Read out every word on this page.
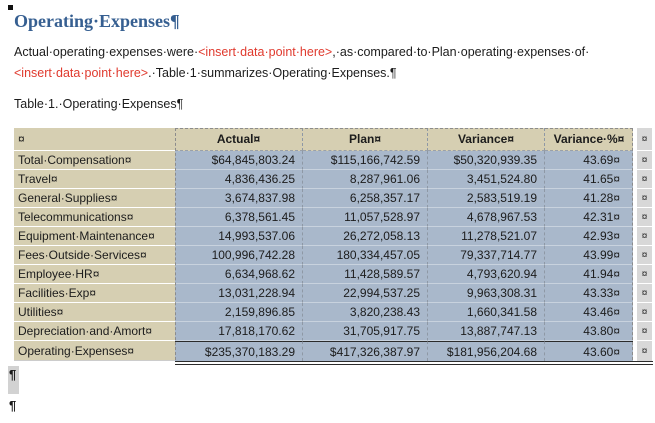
Operating·Expenses¶
Actual·operating·expenses·were·<insert·data·point·here>,·as·compared·to·Plan·operating·expenses·of·
<insert·data·point·here>.·Table·1·summarizes·Operating·Expenses.¶
Table·1.·Operating·Expenses¶
¤	Actual¤	Plan¤	Variance¤	Variance·%¤
Total·Compensation¤	$64,845,803.24	$115,166,742.59	$50,320,939.35	43.69¤
Travel¤	4,836,436.25	8,287,961.06	3,451,524.80	41.65¤
General·Supplies¤	3,674,837.98	6,258,357.17	2,583,519.19	41.28¤
Telecommunications¤	6,378,561.45	11,057,528.97	4,678,967.53	42.31¤
Equipment·Maintenance¤	14,993,537.06	26,272,058.13	11,278,521.07	42.93¤
Fees·Outside·Services¤	100,996,742.28	180,334,457.05	79,337,714.77	43.99¤
Employee·HR¤	6,634,968.62	11,428,589.57	4,793,620.94	41.94¤
Facilities·Exp¤	13,031,228.94	22,994,537.25	9,963,308.31	43.33¤
Utilities¤	2,159,896.85	3,820,238.43	1,660,341.58	43.46¤
Depreciation·and·Amort¤	17,818,170.62	31,705,917.75	13,887,747.13	43.80¤
Operating·Expenses¤	$235,370,183.29	$417,326,387.97	$181,956,204.68	43.60¤
¤
¤
¤
¤
¤
¤
¤
¤
¤
¤
¤
¤
¶
¶
